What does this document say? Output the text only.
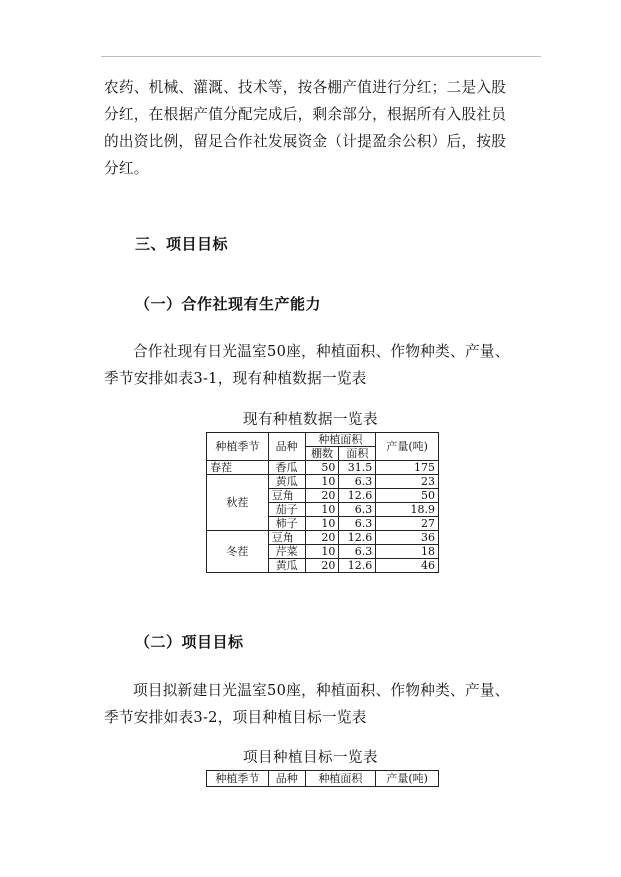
农药、机械、灌溉、技术等，按各棚产值进行分红；二是入股
分红，在根据产值分配完成后，剩余部分，根据所有入股社员
的出资比例，留足合作社发展资金（计提盈余公积）后，按股
分红。
三、项目目标
（一）合作社现有生产能力
合作社现有日光温室50座，种植面积、作物种类、产量、
季节安排如表3-1，现有种植数据一览表
现有种植数据一览表
种植季节	品种	种植面积		产量(吨)
		棚数	面积	
春茬	香瓜	50	31.5	175
秋茬	黄瓜	10	6.3	23
	豆角	20	12.6	50
	茄子	10	6.3	18.9
	柿子	10	6.3	27
冬茬	豆角	20	12.6	36
	芹菜	10	6.3	18
	黄瓜	20	12.6	46
（二）项目目标
项目拟新建日光温室50座，种植面积、作物种类、产量、
季节安排如表3-2，项目种植目标一览表
项目种植目标一览表
种植季节	品种	种植面积	产量(吨)
